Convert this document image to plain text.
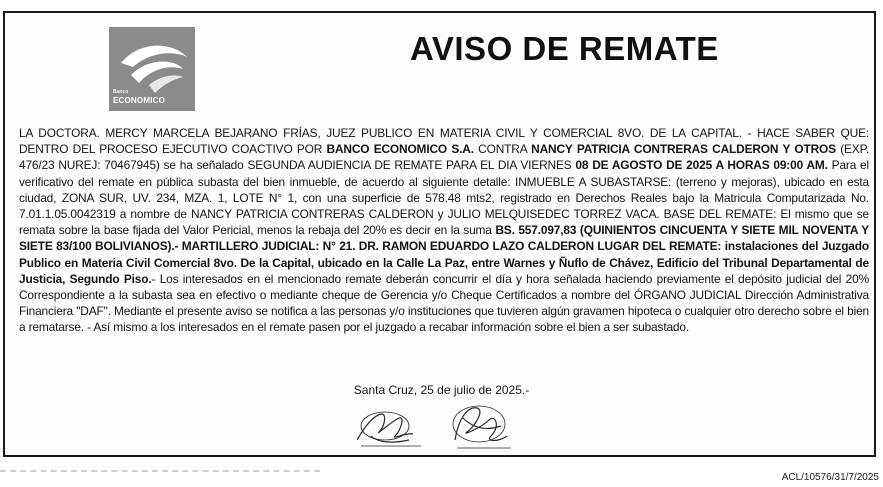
Banco
ECONOMICO
AVISO DE REMATE

LA DOCTORA. MERCY MARCELA BEJARANO FRÍAS, JUEZ PUBLICO EN MATERIA CIVIL Y COMERCIAL 8VO. DE LA CAPITAL. - HACE SABER QUE: DENTRO DEL PROCESO EJECUTIVO COACTIVO POR BANCO ECONOMICO S.A. CONTRA NANCY PATRICIA CONTRERAS CALDERON Y OTROS (EXP. 476/23 NUREJ: 70467945) se ha señalado SEGUNDA AUDIENCIA DE REMATE PARA EL DIA VIERNES 08 DE AGOSTO DE 2025 A HORAS 09:00 AM. Para el verificativo del remate en pública subasta del bien inmueble, de acuerdo al siguiente detalle: INMUEBLE A SUBASTARSE: (terreno y mejoras), ubicado en esta ciudad, ZONA SUR, UV. 234, MZA. 1, LOTE N° 1, con una superficie de 578.48 mts2, registrado en Derechos Reales bajo la Matricula Computarizada No. 7.01.1.05.0042319 a nombre de NANCY PATRICIA CONTRERAS CALDERON y JULIO MELQUISEDEC TORREZ VACA. BASE DEL REMATE: El mismo que se remata sobre la base fijada del Valor Pericial, menos la rebaja del 20% es decir en la suma BS. 557.097,83 (QUINIENTOS CINCUENTA Y SIETE MIL NOVENTA Y SIETE 83/100 BOLIVIANOS).- MARTILLERO JUDICIAL: N° 21. DR. RAMON EDUARDO LAZO CALDERON LUGAR DEL REMATE: instalaciones del Juzgado Publico en Materia Civil Comercial 8vo. De la Capital, ubicado en la Calle La Paz, entre Warnes y Ñuflo de Chávez, Edificio del Tribunal Departamental de Justicia, Segundo Piso.- Los interesados en el mencionado remate deberán concurrir el día y hora señalada haciendo previamente el depósito judicial del 20% Correspondiente a la subasta sea en efectivo o mediante cheque de Gerencia y/o Cheque Certificados a nombre del ÓRGANO JUDICIAL Dirección Administrativa Financiera "DAF". Mediante el presente aviso se notifica a las personas y/o instituciones que tuvieren algún gravamen hipoteca o cualquier otro derecho sobre el bien a rematarse. - Así mismo a los interesados en el remate pasen por el juzgado a recabar información sobre el bien a ser subastado.

Santa Cruz, 25 de julio de 2025.-
ACL/10576/31/7/2025
